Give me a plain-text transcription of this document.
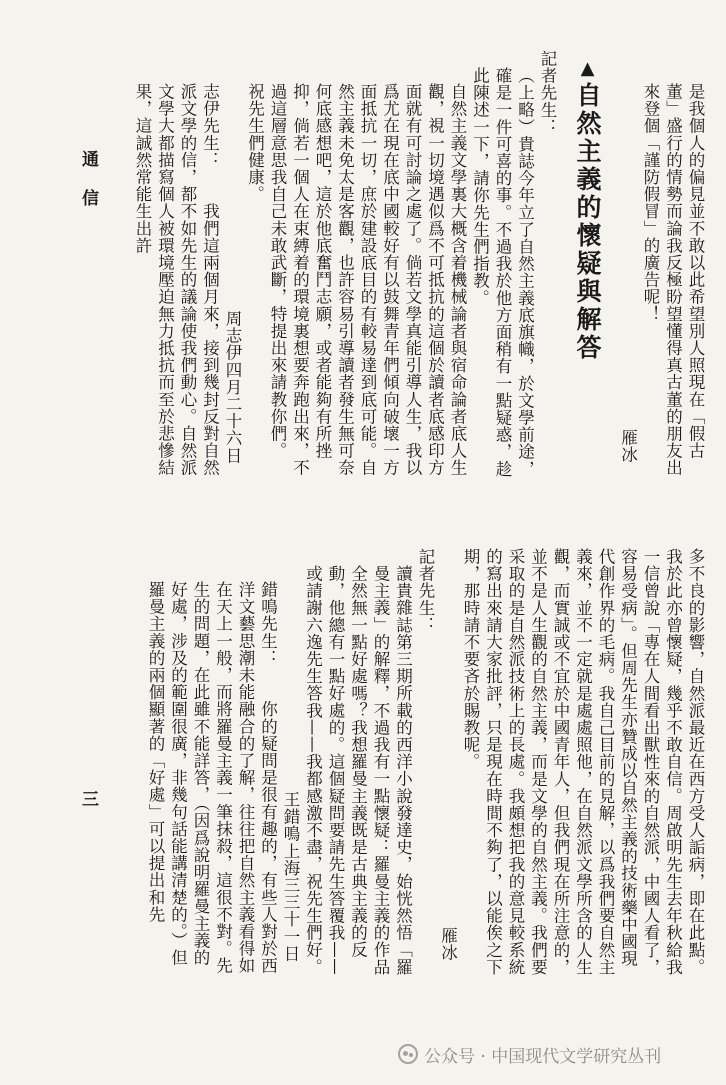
通 信
三

是我個人的偏見並不敢以此希望別人照現在「假古董」盛行的情勢而論我反極盼望懂得真古董的朋友出來登個「謹防假冒」的廣告呢！

雁冰

▲自然主義的懷疑與解答

記者先生：

（上略）貴誌今年立了自然主義底旗幟，於文學前途，確是一件可喜的事。不過我於他方面稍有一點疑惑，趁此陳述一下，請你先生們指教。

自然主義文學裏大概含着機械論者與宿命論者底人生觀，視一切境遇似爲不可抵抗的這個於讀者底感印方面就有可討論之處了。倘若文學真能引導人生，我以爲尤在現在底中國較好有以鼓舞青年們傾向破壞一方面抵抗一切，庶於建設底目的有較易達到底可能。自然主義未免太是客觀，也許容易引導讀者發生無可奈何底感想吧，這於他底奮鬥志願，或者能夠有所挫抑，倘若一個人在束縛着的環境裏想要奔跑出來，不過這層意思我自己未敢武斷，特提出來請教你們。

祝先生們健康。

周志伊四月二十六日

志伊先生：　　我們這兩個月來，接到幾封反對自然派文學的信，都不如先生的議論使我們動心。自然派文學大都描寫個人被環境壓迫無力抵抗而至於悲慘結果，這誠然常能生出許

多不良的影響，自然派最近在西方受人詬病，即在此點。我於此亦曾懷疑，幾乎不敢自信。周啟明先生去年秋給我一信曾說「專在人間看出獸性來的自然派，中國人看了，容易受病」。但周先生亦贊成以自然主義的技術藥中國現代創作界的毛病。我自己目前的見解，以爲我們要自然主義來，並不一定就是處處照他，在自然派文學所含的人生觀，而實誠或不宜於中國青年人，但我們現在所注意的，並不是人生觀的自然主義，而是文學的自然主義。我們要采取的是自然派技術上的長處。我頗想把我的意見較系統的寫出來請大家批評，只是現在時間不夠了，以能俟之下期，那時請不要吝於賜教呢。

雁冰

記者先生：

讀貴雜誌第三期所載的西洋小說發達史，始恍然悟「羅曼主義」的解釋，不過我有一點懷疑：羅曼主義的作品全然無一點好處嗎？我想羅曼主義既是古典主義的反動，他總有一點好處的。這個疑問要請先生答覆我——或請謝六逸先生答我——我都感激不盡，祝先生們好。

王錯鳴上海三三十一日

錯鳴先生：　　你的疑問是很有趣的，有些人對於西洋文藝思潮未能融合的了解，往往把自然主義看得如在天上一般，而將羅曼主義一筆抹殺，這很不對。先生的問題，在此雖不能詳答，（因爲說明羅曼主義的好處，涉及的範圍很廣，非幾句話能講清楚的。）但羅曼主義的兩個顯著的「好處」可以提出和先

公众号 · 中国现代文学研究丛刊
